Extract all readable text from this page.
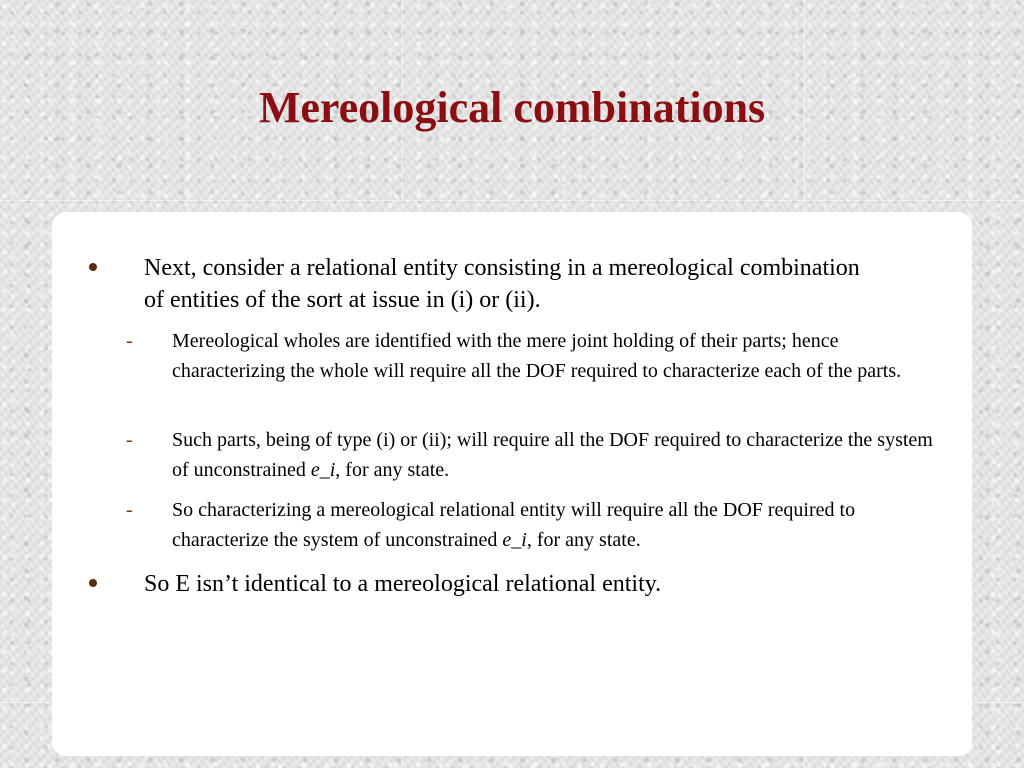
Mereological combinations
Next, consider a relational entity consisting in a mereological combination of entities of the sort at issue in (i) or (ii).
-	Mereological wholes are identified with the mere joint holding of their parts; hence characterizing the whole will require all the DOF required to characterize each of the parts.
-	Such parts, being of type (i) or (ii); will require all the DOF required to characterize the system of unconstrained e_i, for any state.
-	So characterizing a mereological relational entity will require all the DOF required to characterize the system of unconstrained e_i, for any state.
So E isn’t identical to a mereological relational entity.
